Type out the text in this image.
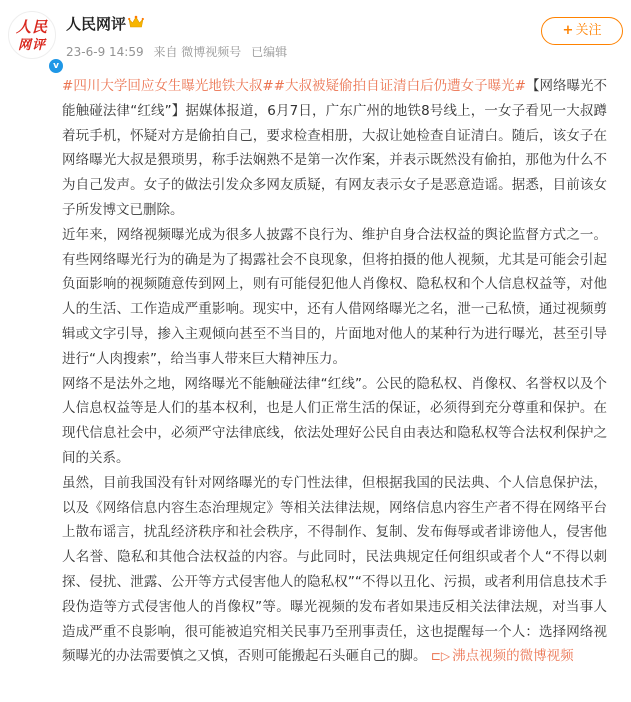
人民
网评
v
人民网评
23-6-9 14:59 来自 微博视频号 已编辑
+ 关注

#四川大学回应女生曝光地铁大叔##大叔被疑偷拍自证清白后仍遭女子曝光#【网络曝光不能触碰法律“红线”】据媒体报道，6月7日，广东广州的地铁8号线上，一女子看见一大叔蹲着玩手机，怀疑对方是偷拍自己，要求检查相册，大叔让她检查自证清白。随后，该女子在网络曝光大叔是猥琐男，称手法娴熟不是第一次作案，并表示既然没有偷拍，那他为什么不为自己发声。女子的做法引发众多网友质疑，有网友表示女子是恶意造谣。据悉，目前该女子所发博文已删除。

近年来，网络视频曝光成为很多人披露不良行为、维护自身合法权益的舆论监督方式之一。有些网络曝光行为的确是为了揭露社会不良现象，但将拍摄的他人视频，尤其是可能会引起负面影响的视频随意传到网上，则有可能侵犯他人肖像权、隐私权和个人信息权益等，对他人的生活、工作造成严重影响。现实中，还有人借网络曝光之名，泄一己私愤，通过视频剪辑或文字引导，掺入主观倾向甚至不当目的，片面地对他人的某种行为进行曝光，甚至引导进行“人肉搜索”，给当事人带来巨大精神压力。

网络不是法外之地，网络曝光不能触碰法律“红线”。公民的隐私权、肖像权、名誉权以及个人信息权益等是人们的基本权利，也是人们正常生活的保证，必须得到充分尊重和保护。在现代信息社会中，必须严守法律底线，依法处理好公民自由表达和隐私权等合法权利保护之间的关系。

虽然，目前我国没有针对网络曝光的专门性法律，但根据我国的民法典、个人信息保护法，以及《网络信息内容生态治理规定》等相关法律法规，网络信息内容生产者不得在网络平台上散布谣言，扰乱经济秩序和社会秩序，不得制作、复制、发布侮辱或者诽谤他人，侵害他人名誉、隐私和其他合法权益的内容。与此同时，民法典规定任何组织或者个人“不得以刺探、侵扰、泄露、公开等方式侵害他人的隐私权”“不得以丑化、污损，或者利用信息技术手段伪造等方式侵害他人的肖像权”等。曝光视频的发布者如果违反相关法律法规，对当事人造成严重不良影响，很可能被追究相关民事乃至刑事责任，这也提醒每一个人：选择网络视频曝光的办法需要慎之又慎，否则可能搬起石头砸自己的脚。 ⊏▷ 沸点视频的微博视频
